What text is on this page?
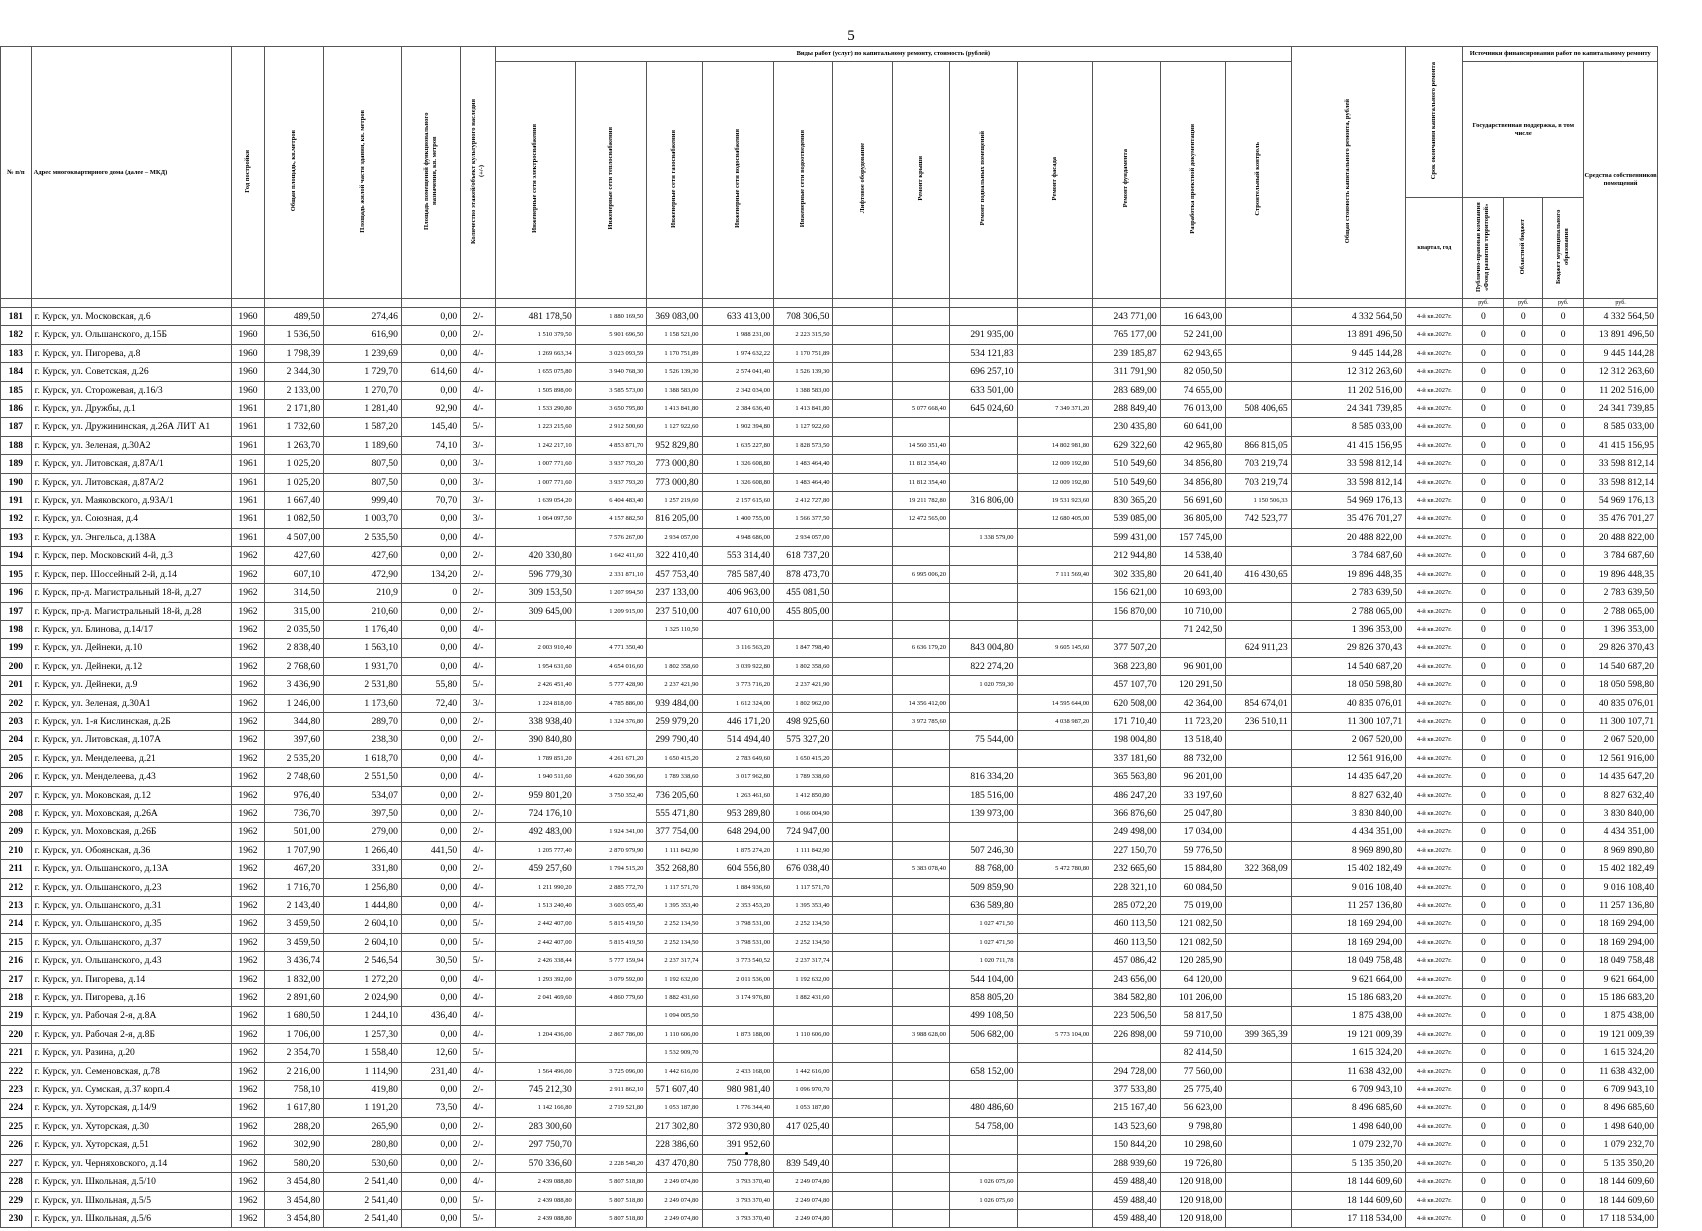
5
№ п/п	Адрес многоквартирного дома (далее – МКД)	Год постройки	Общая площадь, кв.метров	Площадь жилой части здания, кв. метров	Площадь помещений функционального назначения, кв. метров	Количество этажей/объект культурного наследия (+/-)	Виды работ (услуг) по капитальному ремонту, стоимость (рублей)												Общая стоимость капитального ремонта, рублей	Срок окончания капитального ремонта	Источники финансирования работ по капитальному ремонту			
							Инженерные сети электроснабжения	Инженерные сети теплоснабжения	Инженерные сети газоснабжения	Инженерные сети водоснабжения	Инженерные сети водоотведения	Лифтовое оборудование	Ремонт крыши	Ремонт подвальных помещений	Ремонт фасада	Ремонт фундамента	Разработка проектной документации	Строительный контроль			Государственная поддержка, в том числе			Средства собственников помещений
																				квартал, год	Публично-правовая компания «Фонд развития территорий»	Областной бюджет	Бюджет муниципального образования	
																					руб.	руб.	руб.	руб.
181	г. Курск, ул. Московская, д.6	1960	489,50	274,46	0,00	2/-	481 178,50	1 880 169,50	369 083,00	633 413,00	708 306,50					243 771,00	16 643,00		4 332 564,50	4-й кв.2027г.	0	0	0	4 332 564,50
182	г. Курск, ул. Ольшанского, д.15Б	1960	1 536,50	616,90	0,00	2/-	1 510 379,50	5 901 696,50	1 158 521,00	1 988 231,00	2 223 315,50			291 935,00		765 177,00	52 241,00		13 891 496,50	4-й кв.2027г.	0	0	0	13 891 496,50
183	г. Курск, ул. Пигорева, д.8	1960	1 798,39	1 239,69	0,00	4/-	1 269 663,34	3 023 093,59	1 170 751,89	1 974 632,22	1 170 751,89			534 121,83		239 185,87	62 943,65		9 445 144,28	4-й кв.2027г.	0	0	0	9 445 144,28
184	г. Курск, ул. Советская, д.26	1960	2 344,30	1 729,70	614,60	4/-	1 655 075,80	3 940 768,30	1 526 139,30	2 574 041,40	1 526 139,30			696 257,10		311 791,90	82 050,50		12 312 263,60	4-й кв.2027г.	0	0	0	12 312 263,60
185	г. Курск, ул. Сторожевая, д.16/3	1960	2 133,00	1 270,70	0,00	4/-	1 505 898,00	3 585 573,00	1 388 583,00	2 342 034,00	1 388 583,00			633 501,00		283 689,00	74 655,00		11 202 516,00	4-й кв.2027г.	0	0	0	11 202 516,00
186	г. Курск, ул. Дружбы, д.1	1961	2 171,80	1 281,40	92,90	4/-	1 533 290,80	3 650 795,80	1 413 841,80	2 384 636,40	1 413 841,80		5 077 668,40	645 024,60	7 349 371,20	288 849,40	76 013,00	508 406,65	24 341 739,85	4-й кв.2027г.	0	0	0	24 341 739,85
187	г. Курск, ул. Дружининская, д.26А ЛИТ А1	1961	1 732,60	1 587,20	145,40	5/-	1 223 215,60	2 912 500,60	1 127 922,60	1 902 394,80	1 127 922,60					230 435,80	60 641,00		8 585 033,00	4-й кв.2027г.	0	0	0	8 585 033,00
188	г. Курск, ул. Зеленая, д.30А2	1961	1 263,70	1 189,60	74,10	3/-	1 242 217,10	4 853 871,70	952 829,80	1 635 227,80	1 828 573,50		14 560 351,40		14 802 981,80	629 322,60	42 965,80	866 815,05	41 415 156,95	4-й кв.2027г.	0	0	0	41 415 156,95
189	г. Курск, ул. Литовская, д.87А/1	1961	1 025,20	807,50	0,00	3/-	1 007 771,60	3 937 793,20	773 000,80	1 326 608,80	1 483 464,40		11 812 354,40		12 009 192,80	510 549,60	34 856,80	703 219,74	33 598 812,14	4-й кв.2027г.	0	0	0	33 598 812,14
190	г. Курск, ул. Литовская, д.87А/2	1961	1 025,20	807,50	0,00	3/-	1 007 771,60	3 937 793,20	773 000,80	1 326 608,80	1 483 464,40		11 812 354,40		12 009 192,80	510 549,60	34 856,80	703 219,74	33 598 812,14	4-й кв.2027г.	0	0	0	33 598 812,14
191	г. Курск, ул. Маяковского, д.93А/1	1961	1 667,40	999,40	70,70	3/-	1 639 054,20	6 404 483,40	1 257 219,60	2 157 615,60	2 412 727,80		19 211 782,80	316 806,00	19 531 923,60	830 365,20	56 691,60	1 150 506,33	54 969 176,13	4-й кв.2027г.	0	0	0	54 969 176,13
192	г. Курск, ул. Союзная, д.4	1961	1 082,50	1 003,70	0,00	3/-	1 064 097,50	4 157 882,50	816 205,00	1 400 755,00	1 566 377,50		12 472 565,00		12 680 405,00	539 085,00	36 805,00	742 523,77	35 476 701,27	4-й кв.2027г.	0	0	0	35 476 701,27
193	г. Курск, ул. Энгельса, д.138А	1961	4 507,00	2 535,50	0,00	4/-		7 576 267,00	2 934 057,00	4 948 686,00	2 934 057,00			1 338 579,00		599 431,00	157 745,00		20 488 822,00	4-й кв.2027г.	0	0	0	20 488 822,00
194	г. Курск, пер. Московский 4-й, д.3	1962	427,60	427,60	0,00	2/-	420 330,80	1 642 411,60	322 410,40	553 314,40	618 737,20					212 944,80	14 538,40		3 784 687,60	4-й кв.2027г.	0	0	0	3 784 687,60
195	г. Курск, пер. Шоссейный 2-й, д.14	1962	607,10	472,90	134,20	2/-	596 779,30	2 331 871,10	457 753,40	785 587,40	878 473,70		6 995 006,20		7 111 569,40	302 335,80	20 641,40	416 430,65	19 896 448,35	4-й кв.2027г.	0	0	0	19 896 448,35
196	г. Курск, пр-д. Магистральный 18-й, д.27	1962	314,50	210,9	0	2/-	309 153,50	1 207 994,50	237 133,00	406 963,00	455 081,50					156 621,00	10 693,00		2 783 639,50	4-й кв.2027г.	0	0	0	2 783 639,50
197	г. Курск, пр-д. Магистральный 18-й, д.28	1962	315,00	210,60	0,00	2/-	309 645,00	1 209 915,00	237 510,00	407 610,00	455 805,00					156 870,00	10 710,00		2 788 065,00	4-й кв.2027г.	0	0	0	2 788 065,00
198	г. Курск, ул. Блинова, д.14/17	1962	2 035,50	1 176,40	0,00	4/-			1 325 110,50								71 242,50		1 396 353,00	4-й кв.2027г.	0	0	0	1 396 353,00
199	г. Курск, ул. Дейнеки, д.10	1962	2 838,40	1 563,10	0,00	4/-	2 003 910,40	4 771 350,40		3 116 563,20	1 847 798,40		6 636 179,20	843 004,80	9 605 145,60	377 507,20		624 911,23	29 826 370,43	4-й кв.2027г.	0	0	0	29 826 370,43
200	г. Курск, ул. Дейнеки, д.12	1962	2 768,60	1 931,70	0,00	4/-	1 954 631,60	4 654 016,60	1 802 358,60	3 039 922,80	1 802 358,60			822 274,20		368 223,80	96 901,00		14 540 687,20	4-й кв.2027г.	0	0	0	14 540 687,20
201	г. Курск, ул. Дейнеки, д.9	1962	3 436,90	2 531,80	55,80	5/-	2 426 451,40	5 777 428,90	2 237 421,90	3 773 716,20	2 237 421,90			1 020 759,30		457 107,70	120 291,50		18 050 598,80	4-й кв.2027г.	0	0	0	18 050 598,80
202	г. Курск, ул. Зеленая, д.30А1	1962	1 246,00	1 173,60	72,40	3/-	1 224 818,00	4 785 886,00	939 484,00	1 612 324,00	1 802 962,00		14 356 412,00		14 595 644,00	620 508,00	42 364,00	854 674,01	40 835 076,01	4-й кв.2027г.	0	0	0	40 835 076,01
203	г. Курск, ул. 1-я Кислинская, д.2Б	1962	344,80	289,70	0,00	2/-	338 938,40	1 324 376,80	259 979,20	446 171,20	498 925,60		3 972 785,60		4 038 987,20	171 710,40	11 723,20	236 510,11	11 300 107,71	4-й кв.2027г.	0	0	0	11 300 107,71
204	г. Курск, ул. Литовская, д.107А	1962	397,60	238,30	0,00	2/-	390 840,80		299 790,40	514 494,40	575 327,20			75 544,00		198 004,80	13 518,40		2 067 520,00	4-й кв.2027г.	0	0	0	2 067 520,00
205	г. Курск, ул. Менделеева, д.21	1962	2 535,20	1 618,70	0,00	4/-	1 789 851,20	4 261 671,20	1 650 415,20	2 783 649,60	1 650 415,20					337 181,60	88 732,00		12 561 916,00	4-й кв.2027г.	0	0	0	12 561 916,00
206	г. Курск, ул. Менделеева, д.43	1962	2 748,60	2 551,50	0,00	4/-	1 940 511,60	4 620 396,60	1 789 338,60	3 017 962,80	1 789 338,60			816 334,20		365 563,80	96 201,00		14 435 647,20	4-й кв.2027г.	0	0	0	14 435 647,20
207	г. Курск, ул. Моковская, д.12	1962	976,40	534,07	0,00	2/-	959 801,20	3 750 352,40	736 205,60	1 263 461,60	1 412 850,80			185 516,00		486 247,20	33 197,60		8 827 632,40	4-й кв.2027г.	0	0	0	8 827 632,40
208	г. Курск, ул. Моховская, д.26А	1962	736,70	397,50	0,00	2/-	724 176,10		555 471,80	953 289,80	1 066 004,90			139 973,00		366 876,60	25 047,80		3 830 840,00	4-й кв.2027г.	0	0	0	3 830 840,00
209	г. Курск, ул. Моховская, д.26Б	1962	501,00	279,00	0,00	2/-	492 483,00	1 924 341,00	377 754,00	648 294,00	724 947,00					249 498,00	17 034,00		4 434 351,00	4-й кв.2027г.	0	0	0	4 434 351,00
210	г. Курск, ул. Обоянская, д.36	1962	1 707,90	1 266,40	441,50	4/-	1 205 777,40	2 870 979,90	1 111 842,90	1 875 274,20	1 111 842,90			507 246,30		227 150,70	59 776,50		8 969 890,80	4-й кв.2027г.	0	0	0	8 969 890,80
211	г. Курск, ул. Ольшанского, д.13А	1962	467,20	331,80	0,00	2/-	459 257,60	1 794 515,20	352 268,80	604 556,80	676 038,40		5 383 078,40	88 768,00	5 472 780,80	232 665,60	15 884,80	322 368,09	15 402 182,49	4-й кв.2027г.	0	0	0	15 402 182,49
212	г. Курск, ул. Ольшанского, д.23	1962	1 716,70	1 256,80	0,00	4/-	1 211 990,20	2 885 772,70	1 117 571,70	1 884 936,60	1 117 571,70			509 859,90		228 321,10	60 084,50		9 016 108,40	4-й кв.2027г.	0	0	0	9 016 108,40
213	г. Курск, ул. Ольшанского, д.31	1962	2 143,40	1 444,80	0,00	4/-	1 513 240,40	3 603 055,40	1 395 353,40	2 353 453,20	1 395 353,40			636 589,80		285 072,20	75 019,00		11 257 136,80	4-й кв.2027г.	0	0	0	11 257 136,80
214	г. Курск, ул. Ольшанского, д.35	1962	3 459,50	2 604,10	0,00	5/-	2 442 407,00	5 815 419,50	2 252 134,50	3 798 531,00	2 252 134,50			1 027 471,50		460 113,50	121 082,50		18 169 294,00	4-й кв.2027г.	0	0	0	18 169 294,00
215	г. Курск, ул. Ольшанского, д.37	1962	3 459,50	2 604,10	0,00	5/-	2 442 407,00	5 815 419,50	2 252 134,50	3 798 531,00	2 252 134,50			1 027 471,50		460 113,50	121 082,50		18 169 294,00	4-й кв.2027г.	0	0	0	18 169 294,00
216	г. Курск, ул. Ольшанского, д.43	1962	3 436,74	2 546,54	30,50	5/-	2 426 338,44	5 777 159,94	2 237 317,74	3 773 540,52	2 237 317,74			1 020 711,78		457 086,42	120 285,90		18 049 758,48	4-й кв.2027г.	0	0	0	18 049 758,48
217	г. Курск, ул. Пигорева, д.14	1962	1 832,00	1 272,20	0,00	4/-	1 293 392,00	3 079 592,00	1 192 632,00	2 011 536,00	1 192 632,00			544 104,00		243 656,00	64 120,00		9 621 664,00	4-й кв.2027г.	0	0	0	9 621 664,00
218	г. Курск, ул. Пигорева, д.16	1962	2 891,60	2 024,90	0,00	4/-	2 041 469,60	4 860 779,60	1 882 431,60	3 174 976,80	1 882 431,60			858 805,20		384 582,80	101 206,00		15 186 683,20	4-й кв.2027г.	0	0	0	15 186 683,20
219	г. Курск, ул. Рабочая 2-я, д.8А	1962	1 680,50	1 244,10	436,40	4/-			1 094 005,50					499 108,50		223 506,50	58 817,50		1 875 438,00	4-й кв.2027г.	0	0	0	1 875 438,00
220	г. Курск, ул. Рабочая 2-я, д.8Б	1962	1 706,00	1 257,30	0,00	4/-	1 204 436,00	2 867 786,00	1 110 606,00	1 873 188,00	1 110 606,00		3 988 628,00	506 682,00	5 773 104,00	226 898,00	59 710,00	399 365,39	19 121 009,39	4-й кв.2027г.	0	0	0	19 121 009,39
221	г. Курск, ул. Разина, д.20	1962	2 354,70	1 558,40	12,60	5/-			1 532 909,70								82 414,50		1 615 324,20	4-й кв.2027г.	0	0	0	1 615 324,20
222	г. Курск, ул. Семеновская, д.78	1962	2 216,00	1 114,90	231,40	4/-	1 564 496,00	3 725 096,00	1 442 616,00	2 433 168,00	1 442 616,00			658 152,00		294 728,00	77 560,00		11 638 432,00	4-й кв.2027г.	0	0	0	11 638 432,00
223	г. Курск, ул. Сумская, д.37 корп.4	1962	758,10	419,80	0,00	2/-	745 212,30	2 911 862,10	571 607,40	980 981,40	1 096 970,70					377 533,80	25 775,40		6 709 943,10	4-й кв.2027г.	0	0	0	6 709 943,10
224	г. Курск, ул. Хуторская, д.14/9	1962	1 617,80	1 191,20	73,50	4/-	1 142 166,80	2 719 521,80	1 053 187,80	1 776 344,40	1 053 187,80			480 486,60		215 167,40	56 623,00		8 496 685,60	4-й кв.2027г.	0	0	0	8 496 685,60
225	г. Курск, ул. Хуторская, д.30	1962	288,20	265,90	0,00	2/-	283 300,60		217 302,80	372 930,80	417 025,40			54 758,00		143 523,60	9 798,80		1 498 640,00	4-й кв.2027г.	0	0	0	1 498 640,00
226	г. Курск, ул. Хуторская, д.51	1962	302,90	280,80	0,00	2/-	297 750,70		228 386,60	391 952,60						150 844,20	10 298,60		1 079 232,70	4-й кв.2027г.	0	0	0	1 079 232,70
227	г. Курск, ул. Черняховского, д.14	1962	580,20	530,60	0,00	2/-	570 336,60	2 228 548,20	437 470,80	750 778,80	839 549,40					288 939,60	19 726,80		5 135 350,20	4-й кв.2027г.	0	0	0	5 135 350,20
228	г. Курск, ул. Школьная, д.5/10	1962	3 454,80	2 541,40	0,00	4/-	2 439 088,80	5 807 518,80	2 249 074,80	3 793 370,40	2 249 074,80			1 026 075,60		459 488,40	120 918,00		18 144 609,60	4-й кв.2027г.	0	0	0	18 144 609,60
229	г. Курск, ул. Школьная, д.5/5	1962	3 454,80	2 541,40	0,00	5/-	2 439 088,80	5 807 518,80	2 249 074,80	3 793 370,40	2 249 074,80			1 026 075,60		459 488,40	120 918,00		18 144 609,60	4-й кв.2027г.	0	0	0	18 144 609,60
230	г. Курск, ул. Школьная, д.5/6	1962	3 454,80	2 541,40	0,00	5/-	2 439 088,80	5 807 518,80	2 249 074,80	3 793 370,40	2 249 074,80					459 488,40	120 918,00		17 118 534,00	4-й кв.2027г.	0	0	0	17 118 534,00
